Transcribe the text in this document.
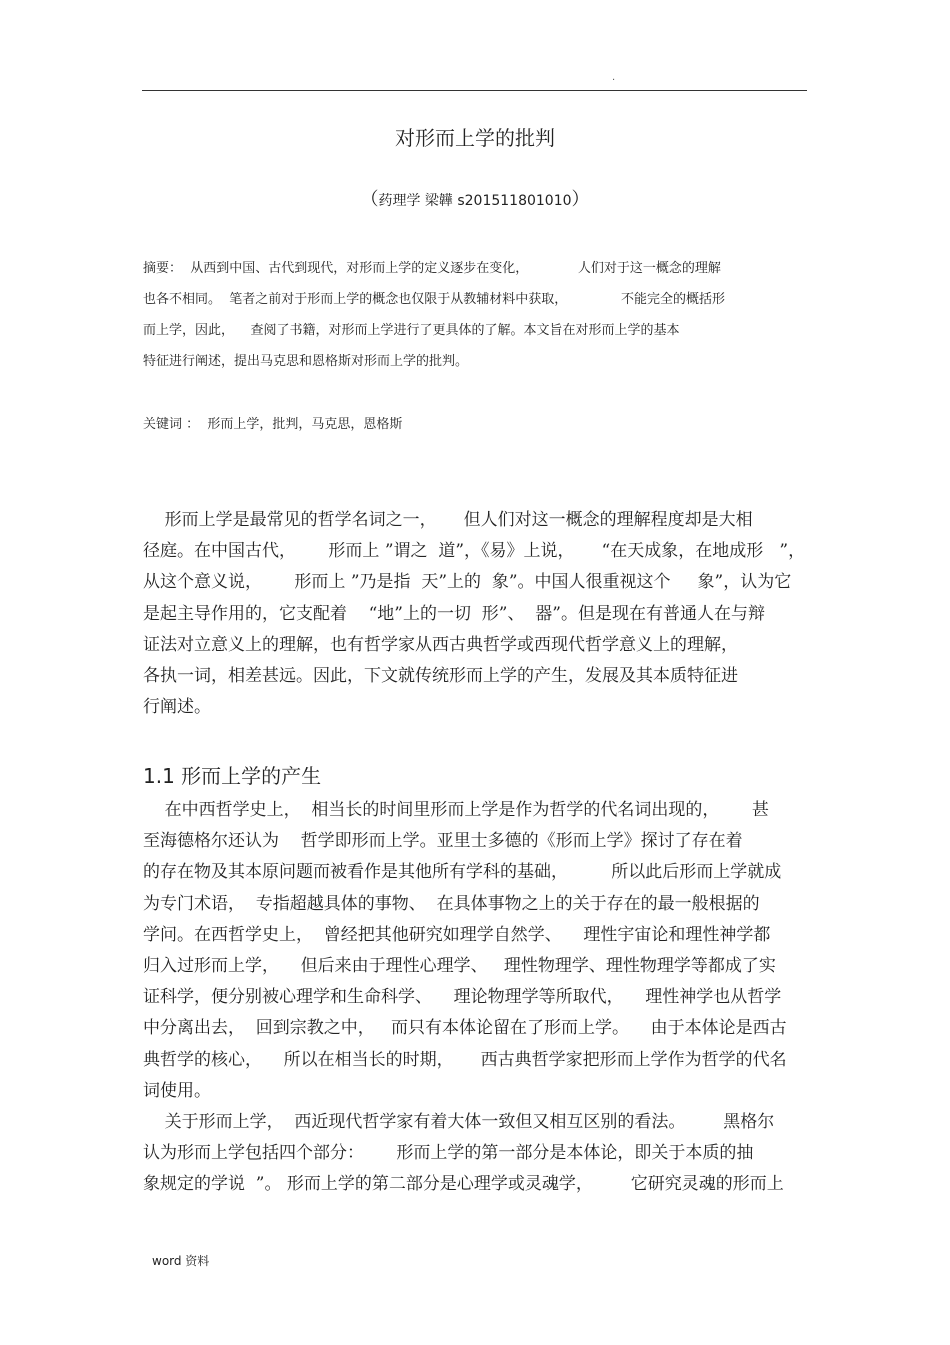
.
对形而上学的批判
（药理学 梁韡 s201511801010）
摘要：  从西到中国、古代到现代，对形而上学的定义逐步在变化，            人们对于这一概念的理解
也各不相同。  笔者之前对于形而上学的概念也仅限于从教辅材料中获取，             不能完全的概括形
而上学，因此，    查阅了书籍，对形而上学进行了更具体的了解。本文旨在对形而上学的基本
特征进行阐述，提出马克思和恩格斯对形而上学的批判。
关键词 ：  形而上学，批判，马克思，恩格斯
形而上学是最常见的哲学名词之一，     但人们对这一概念的理解程度却是大相
径庭。在中国古代，      形而上 ”谓之  道”，《易》上说，     “在天成象，在地成形   ”，
从这个意义说，      形而上 ”乃是指  天”上的  象”。中国人很重视这个     象”，认为它
是起主导作用的，它支配着    “地”上的一切  形”、  器”。但是现在有普通人在与辩
证法对立意义上的理解，也有哲学家从西古典哲学或西现代哲学意义上的理解，
各执一词，相差甚远。因此，下文就传统形而上学的产生，发展及其本质特征进
行阐述。
1.1 形而上学的产生
在中西哲学史上，  相当长的时间里形而上学是作为哲学的代名词出现的，      甚
至海德格尔还认为    哲学即形而上学。亚里士多德的《形而上学》探讨了存在着
的存在物及其本原问题而被看作是其他所有学科的基础，        所以此后形而上学就成
为专门术语，  专指超越具体的事物、  在具体事物之上的关于存在的最一般根据的
学问。在西哲学史上，  曾经把其他研究如理学自然学、    理性宇宙论和理性神学都
归入过形而上学，    但后来由于理性心理学、   理性物理学、理性物理学等都成了实
证科学，便分别被心理学和生命科学、    理论物理学等所取代，    理性神学也从哲学
中分离出去，  回到宗教之中，   而只有本体论留在了形而上学。    由于本体论是西古
典哲学的核心，    所以在相当长的时期，     西古典哲学家把形而上学作为哲学的代名
词使用。
关于形而上学，  西近现代哲学家有着大体一致但又相互区别的看法。       黑格尔
认为形而上学包括四个部分：      形而上学的第一部分是本体论，即关于本质的抽
象规定的学说  ”。 形而上学的第二部分是心理学或灵魂学，       它研究灵魂的形而上
word 资料
